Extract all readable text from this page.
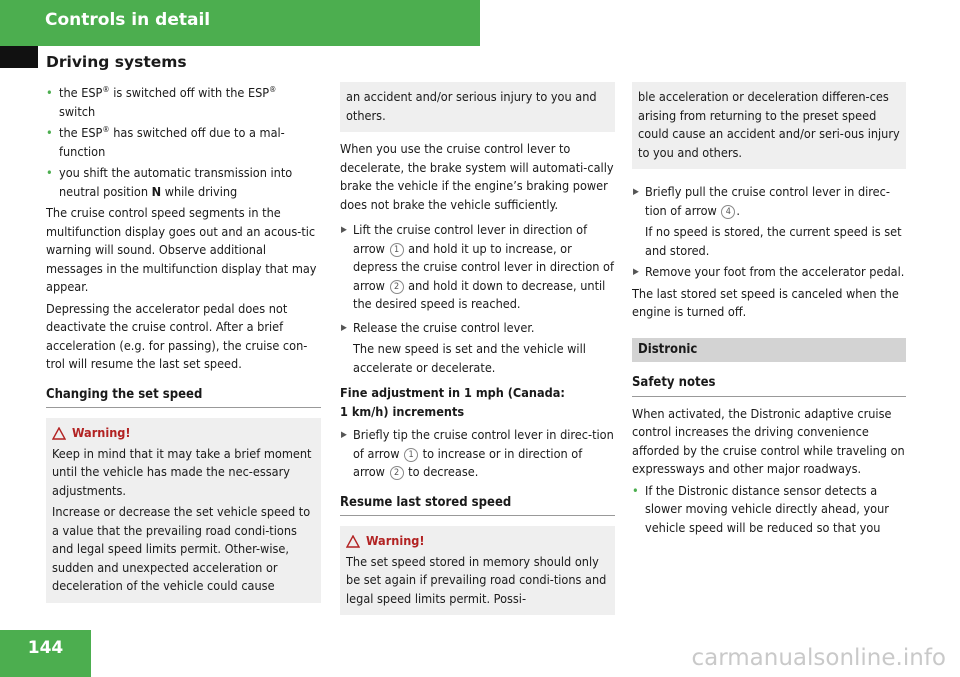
Controls in detail
Driving systems
• the ESP® is switched off with the ESP®
switch
• the ESP® has switched off due to a mal-function
• you shift the automatic transmission into neutral position N while driving

The cruise control speed segments in the multifunction display goes out and an acous-tic warning will sound. Observe additional messages in the multifunction display that may appear.

Depressing the accelerator pedal does not deactivate the cruise control. After a brief acceleration (e.g. for passing), the cruise con-trol will resume the last set speed.

Changing the set speed
Warning!

Keep in mind that it may take a brief moment until the vehicle has made the nec-essary adjustments.

Increase or decrease the set vehicle speed to a value that the prevailing road condi-tions and legal speed limits permit. Other-wise, sudden and unexpected acceleration or deceleration of the vehicle could cause

an accident and/or serious injury to you and others.

When you use the cruise control lever to decelerate, the brake system will automati-cally brake the vehicle if the engine’s braking power does not brake the vehicle sufficiently.

▶ Lift the cruise control lever in direction of arrow 1 and hold it up to increase, or depress the cruise control lever in direction of arrow 2 and hold it down to decrease, until the desired speed is reached.
▶ Release the cruise control lever.

The new speed is set and the vehicle will accelerate or decelerate.

Fine adjustment in 1 mph (Canada:
1 km/h) increments

▶ Briefly tip the cruise control lever in direc-tion of arrow 1 to increase or in direction of arrow 2 to decrease.
Resume last stored speed
Warning!

The set speed stored in memory should only be set again if prevailing road condi-tions and legal speed limits permit. Possi-

ble acceleration or deceleration differen-ces arising from returning to the preset speed could cause an accident and/or seri-ous injury to you and others.

▶ Briefly pull the cruise control lever in direc-tion of arrow 4 .

If no speed is stored, the current speed is set and stored.

▶ Remove your foot from the accelerator pedal.

The last stored set speed is canceled when the engine is turned off.

Distronic
Safety notes

When activated, the Distronic adaptive cruise control increases the driving convenience afforded by the cruise control while traveling on expressways and other major roadways.

• If the Distronic distance sensor detects a slower moving vehicle directly ahead, your vehicle speed will be reduced so that you
144	carmanualsonline.info
